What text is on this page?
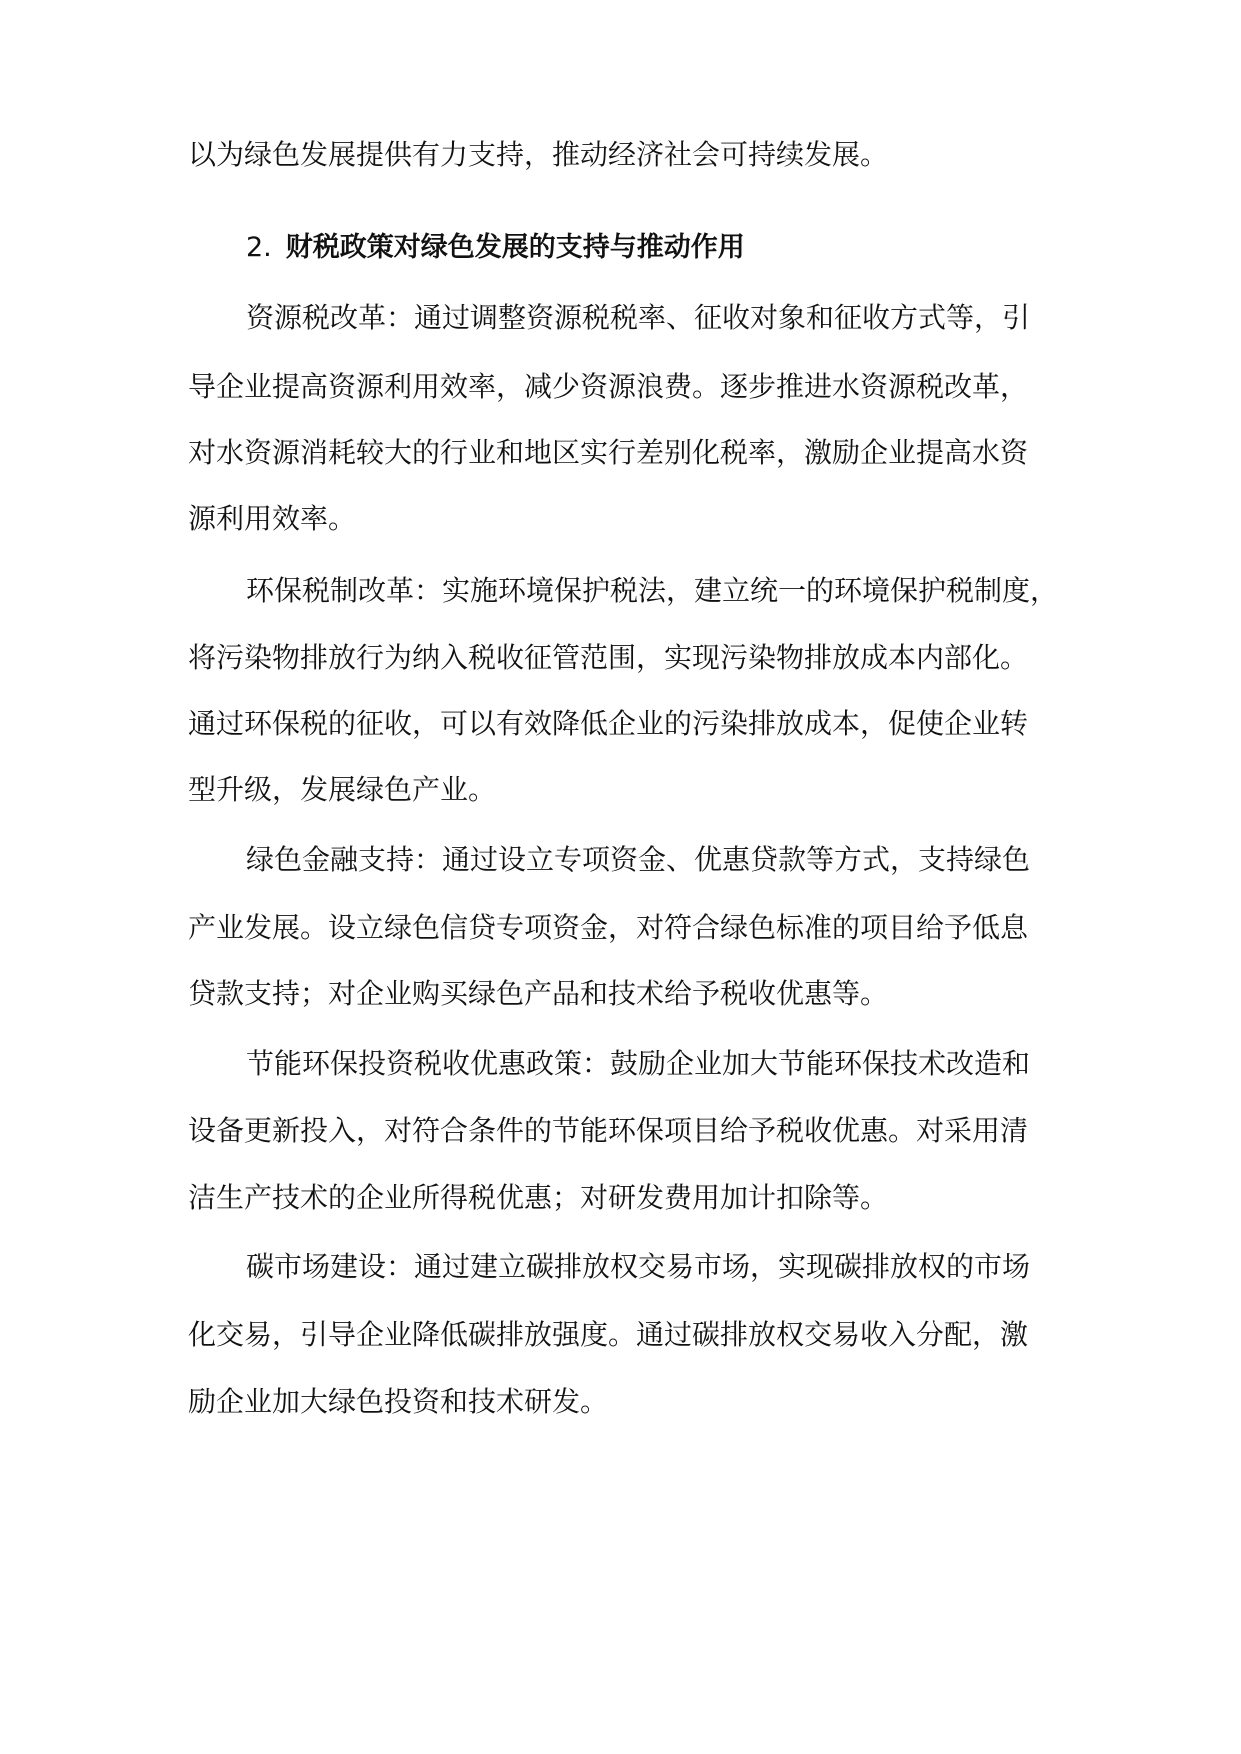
以为绿色发展提供有力支持，推动经济社会可持续发展。

2. 财税政策对绿色发展的支持与推动作用

资源税改革：通过调整资源税税率、征收对象和征收方式等，引

导企业提高资源利用效率，减少资源浪费。逐步推进水资源税改革，

对水资源消耗较大的行业和地区实行差别化税率，激励企业提高水资

源利用效率。

环保税制改革：实施环境保护税法，建立统一的环境保护税制度，

将污染物排放行为纳入税收征管范围，实现污染物排放成本内部化。

通过环保税的征收，可以有效降低企业的污染排放成本，促使企业转

型升级，发展绿色产业。

绿色金融支持：通过设立专项资金、优惠贷款等方式，支持绿色

产业发展。设立绿色信贷专项资金，对符合绿色标准的项目给予低息

贷款支持；对企业购买绿色产品和技术给予税收优惠等。

节能环保投资税收优惠政策：鼓励企业加大节能环保技术改造和

设备更新投入，对符合条件的节能环保项目给予税收优惠。对采用清

洁生产技术的企业所得税优惠；对研发费用加计扣除等。

碳市场建设：通过建立碳排放权交易市场，实现碳排放权的市场

化交易，引导企业降低碳排放强度。通过碳排放权交易收入分配，激

励企业加大绿色投资和技术研发。
